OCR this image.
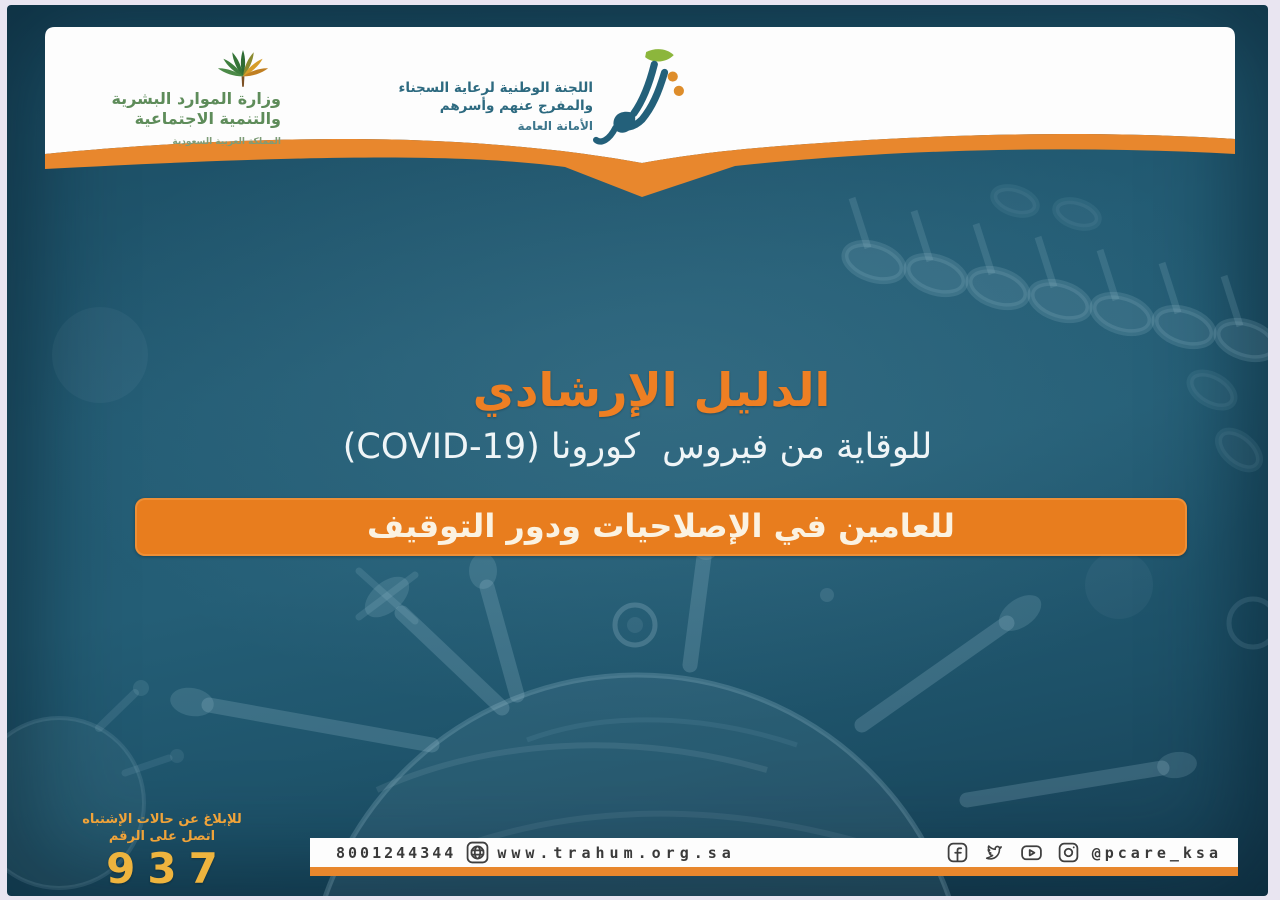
وزارة الموارد البشرية
والتنمية الاجتماعية
المملكة العربية السعودية
اللجنة الوطنية لرعاية السجناء
والمفرج عنهم وأسرهم
الأمانة العامة
الدليل الإرشادي
للوقاية من فيروس  كورونا (‎COVID-19‎)
للعامين في الإصلاحيات ودور التوقيف
للإبلاغ عن حالات الإشتباه
اتصل على الرقم
937	8001244344	www.trahum.org.sa	@pcare_ksa
